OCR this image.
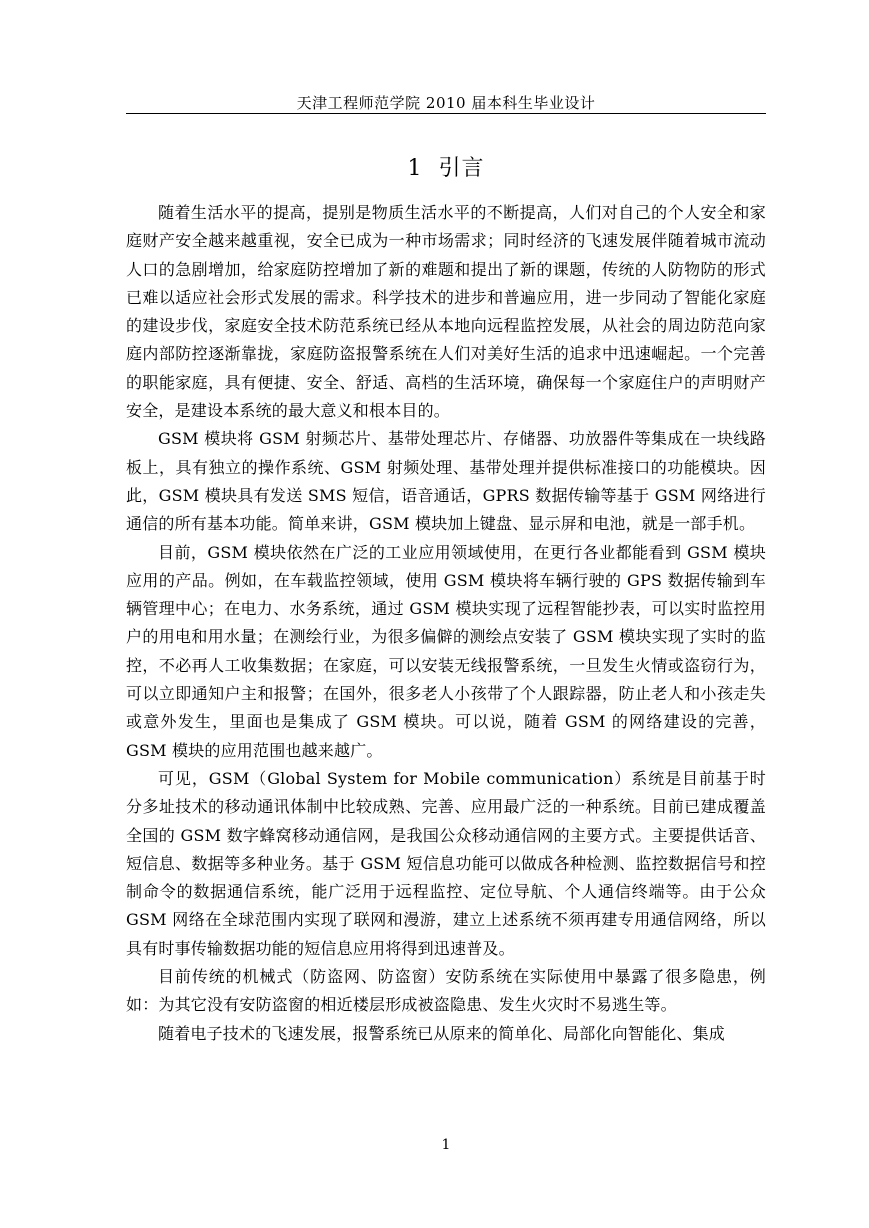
天津工程师范学院 2010 届本科生毕业设计
1 引言

随着生活水平的提高，提别是物质生活水平的不断提高，人们对自己的个人安全和家庭财产安全越来越重视，安全已成为一种市场需求；同时经济的飞速发展伴随着城市流动人口的急剧增加，给家庭防控增加了新的难题和提出了新的课题，传统的人防物防的形式已难以适应社会形式发展的需求。科学技术的进步和普遍应用，进一步同动了智能化家庭的建设步伐，家庭安全技术防范系统已经从本地向远程监控发展，从社会的周边防范向家庭内部防控逐渐靠拢，家庭防盗报警系统在人们对美好生活的追求中迅速崛起。一个完善的职能家庭，具有便捷、安全、舒适、高档的生活环境，确保每一个家庭住户的声明财产安全，是建设本系统的最大意义和根本目的。

GSM 模块将 GSM 射频芯片、基带处理芯片、存储器、功放器件等集成在一块线路板上，具有独立的操作系统、GSM 射频处理、基带处理并提供标准接口的功能模块。因此，GSM 模块具有发送 SMS 短信，语音通话，GPRS 数据传输等基于 GSM 网络进行通信的所有基本功能。简单来讲，GSM 模块加上键盘、显示屏和电池，就是一部手机。

目前，GSM 模块依然在广泛的工业应用领域使用，在更行各业都能看到 GSM 模块应用的产品。例如，在车载监控领域，使用 GSM 模块将车辆行驶的 GPS 数据传输到车辆管理中心；在电力、水务系统，通过 GSM 模块实现了远程智能抄表，可以实时监控用户的用电和用水量；在测绘行业，为很多偏僻的测绘点安装了 GSM 模块实现了实时的监控，不必再人工收集数据；在家庭，可以安装无线报警系统，一旦发生火情或盗窃行为，可以立即通知户主和报警；在国外，很多老人小孩带了个人跟踪器，防止老人和小孩走失或意外发生，里面也是集成了 GSM 模块。可以说，随着 GSM 的网络建设的完善，GSM 模块的应用范围也越来越广。

可见，GSM（Global System for Mobile communication）系统是目前基于时分多址技术的移动通讯体制中比较成熟、完善、应用最广泛的一种系统。目前已建成覆盖全国的 GSM 数字蜂窝移动通信网，是我国公众移动通信网的主要方式。主要提供话音、短信息、数据等多种业务。基于 GSM 短信息功能可以做成各种检测、监控数据信号和控制命令的数据通信系统，能广泛用于远程监控、定位导航、个人通信终端等。由于公众 GSM 网络在全球范围内实现了联网和漫游，建立上述系统不须再建专用通信网络，所以具有时事传输数据功能的短信息应用将得到迅速普及。

目前传统的机械式（防盗网、防盗窗）安防系统在实际使用中暴露了很多隐患，例如：为其它没有安防盗窗的相近楼层形成被盗隐患、发生火灾时不易逃生等。

随着电子技术的飞速发展，报警系统已从原来的简单化、局部化向智能化、集成

1
